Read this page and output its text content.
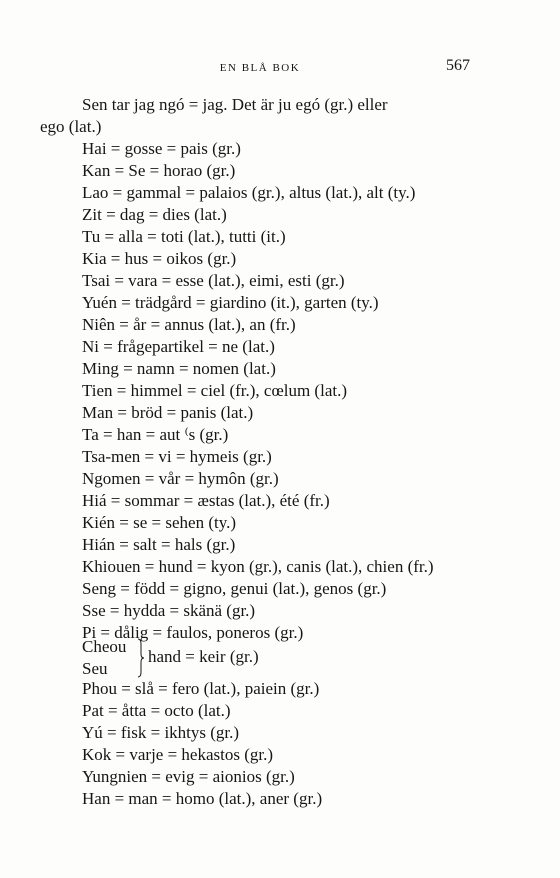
EN BLÅ BOK	567
Sen tar jag ngó = jag. Det är ju egó (gr.) eller
ego (lat.)
Hai = gosse = pais (gr.)
Kan = Se = horao (gr.)
Lao = gammal = palaios (gr.), altus (lat.), alt (ty.)
Zit = dag = dies (lat.)
Tu = alla = toti (lat.), tutti (it.)
Kia = hus = oikos (gr.)
Tsai = vara = esse (lat.), eimi, esti (gr.)
Yuén = trädgård = giardino (it.), garten (ty.)
Niên = år = annus (lat.), an (fr.)
Ni = frågepartikel = ne (lat.)
Ming = namn = nomen (lat.)
Tien = himmel = ciel (fr.), cœlum (lat.)
Man = bröd = panis (lat.)
Ta = han = aut ⁽s (gr.)
Tsa-men = vi = hymeis (gr.)
Ngomen = vår = hymôn (gr.)
Hiá = sommar = æstas (lat.), été (fr.)
Kién = se = sehen (ty.)
Hián = salt = hals (gr.)
Khiouen = hund = kyon (gr.), canis (lat.), chien (fr.)
Seng = född = gigno, genui (lat.), genos (gr.)
Sse = hydda = skänä (gr.)
Pi = dålig = faulos, poneros (gr.)
Cheou
Seu
hand = keir (gr.)
Phou = slå = fero (lat.), paiein (gr.)
Pat = åtta = octo (lat.)
Yú = fisk = ikhtys (gr.)
Kok = varje = hekastos (gr.)
Yungnien = evig = aionios (gr.)
Han = man = homo (lat.), aner (gr.)
